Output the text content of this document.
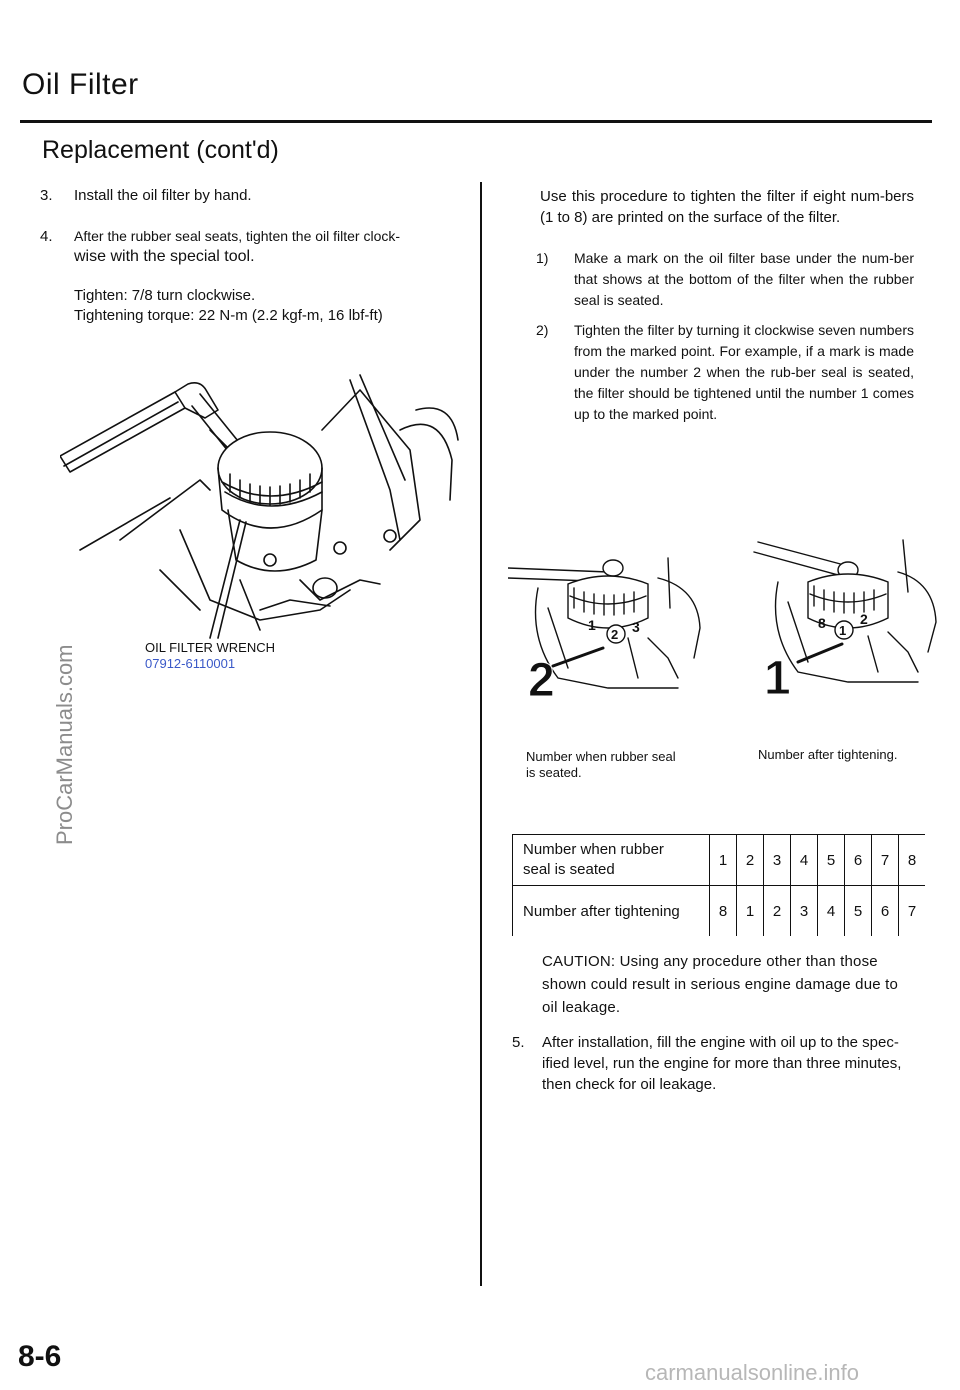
Oil Filter
Replacement (cont'd)
3. Install the oil filter by hand.
4. After the rubber seal seats, tighten the oil filter clock-
wise with the special tool.
Tighten: 7/8 turn clockwise.
Tightening torque: 22 N-m (2.2 kgf-m, 16 lbf-ft)
OIL FILTER WRENCH
07912-6110001
Use this procedure to tighten the filter if eight num-bers (1 to 8) are printed on the surface of the filter.
1)	Make a mark on the oil filter base under the num-ber that shows at the bottom of the filter when the rubber seal is seated.
2)	Tighten the filter by turning it clockwise seven numbers from the marked point. For example, if a mark is made under the number 2 when the rub-ber seal is seated, the filter should be tightened until the number 1 comes up to the marked point.
1
2 3
2
8 1
2
1
Number when rubber seal is seated.
Number after tightening.
Number when rubber seal is seated	1	2	3	4	5	6	7	8

Number after tightening	8	1	2	3	4	5	6	7
CAUTION: Using any procedure other than those shown could result in serious engine damage due to oil leakage.
5.	After installation, fill the engine with oil up to the spec-ified level, run the engine for more than three minutes, then check for oil leakage.
8-6
ProCarManuals.com
carmanualsonline.info
